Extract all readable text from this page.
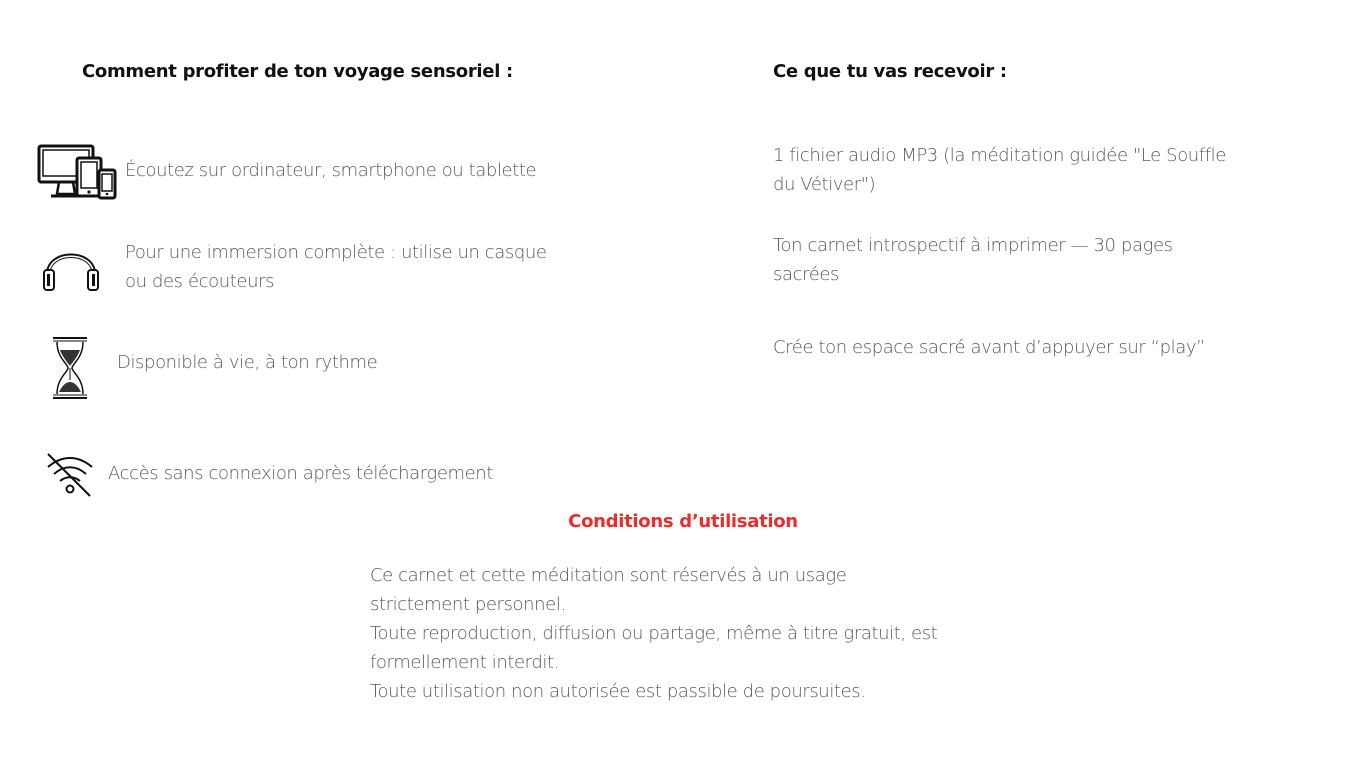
Comment profiter de ton voyage sensoriel :
Écoutez sur ordinateur, smartphone ou tablette
Pour une immersion complète : utilise un casque ou des écouteurs
Disponible à vie, à ton rythme
Accès sans connexion après téléchargement
Ce que tu vas recevoir :
1 fichier audio MP3 (la méditation guidée "Le Souffle du Vétiver")
Ton carnet introspectif à imprimer — 30 pages sacrées
Crée ton espace sacré avant d’appuyer sur “play”
Conditions d’utilisation

Ce carnet et cette méditation sont réservés à un usage strictement personnel.

Toute reproduction, diffusion ou partage, même à titre gratuit, est formellement interdit.

Toute utilisation non autorisée est passible de poursuites.
